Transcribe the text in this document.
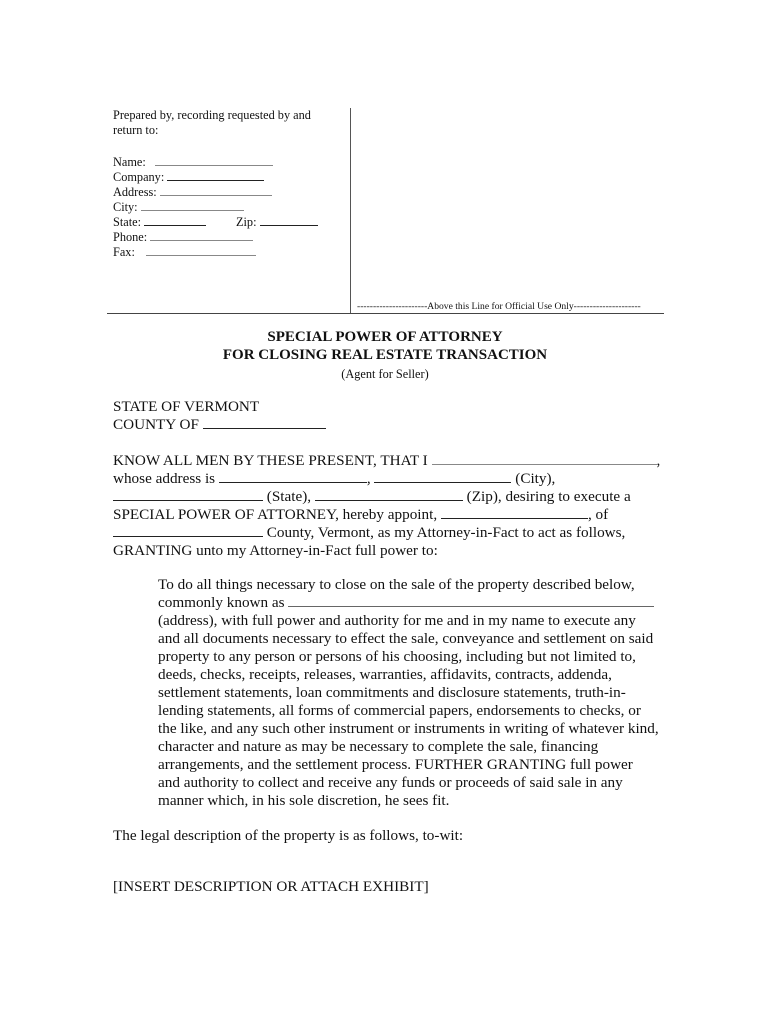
Prepared by, recording requested by and
return to:
Name:
Company:
Address:
City:
State:	Zip:
Phone:
Fax:
----------------------Above this Line for Official Use Only---------------------
SPECIAL POWER OF ATTORNEY
FOR CLOSING REAL ESTATE TRANSACTION
(Agent for Seller)
STATE OF VERMONT
COUNTY OF
KNOW ALL MEN BY THESE PRESENT, THAT I	,
whose address is	,	(City),
(State),	(Zip), desiring to execute a
SPECIAL POWER OF ATTORNEY, hereby appoint,	, of
County, Vermont, as my Attorney-in-Fact to act as follows,
GRANTING unto my Attorney-in-Fact full power to:
To do all things necessary to close on the sale of the property described below,
commonly known as
(address), with full power and authority for me and in my name to execute any
and all documents necessary to effect the sale, conveyance and settlement on said
property to any person or persons of his choosing, including but not limited to,
deeds, checks, receipts, releases, warranties, affidavits, contracts, addenda,
settlement statements, loan commitments and disclosure statements, truth-in-
lending statements, all forms of commercial papers, endorsements to checks, or
the like, and any such other instrument or instruments in writing of whatever kind,
character and nature as may be necessary to complete the sale, financing
arrangements, and the settlement process. FURTHER GRANTING full power
and authority to collect and receive any funds or proceeds of said sale in any
manner which, in his sole discretion, he sees fit.
The legal description of the property is as follows, to-wit:
[INSERT DESCRIPTION OR ATTACH EXHIBIT]
